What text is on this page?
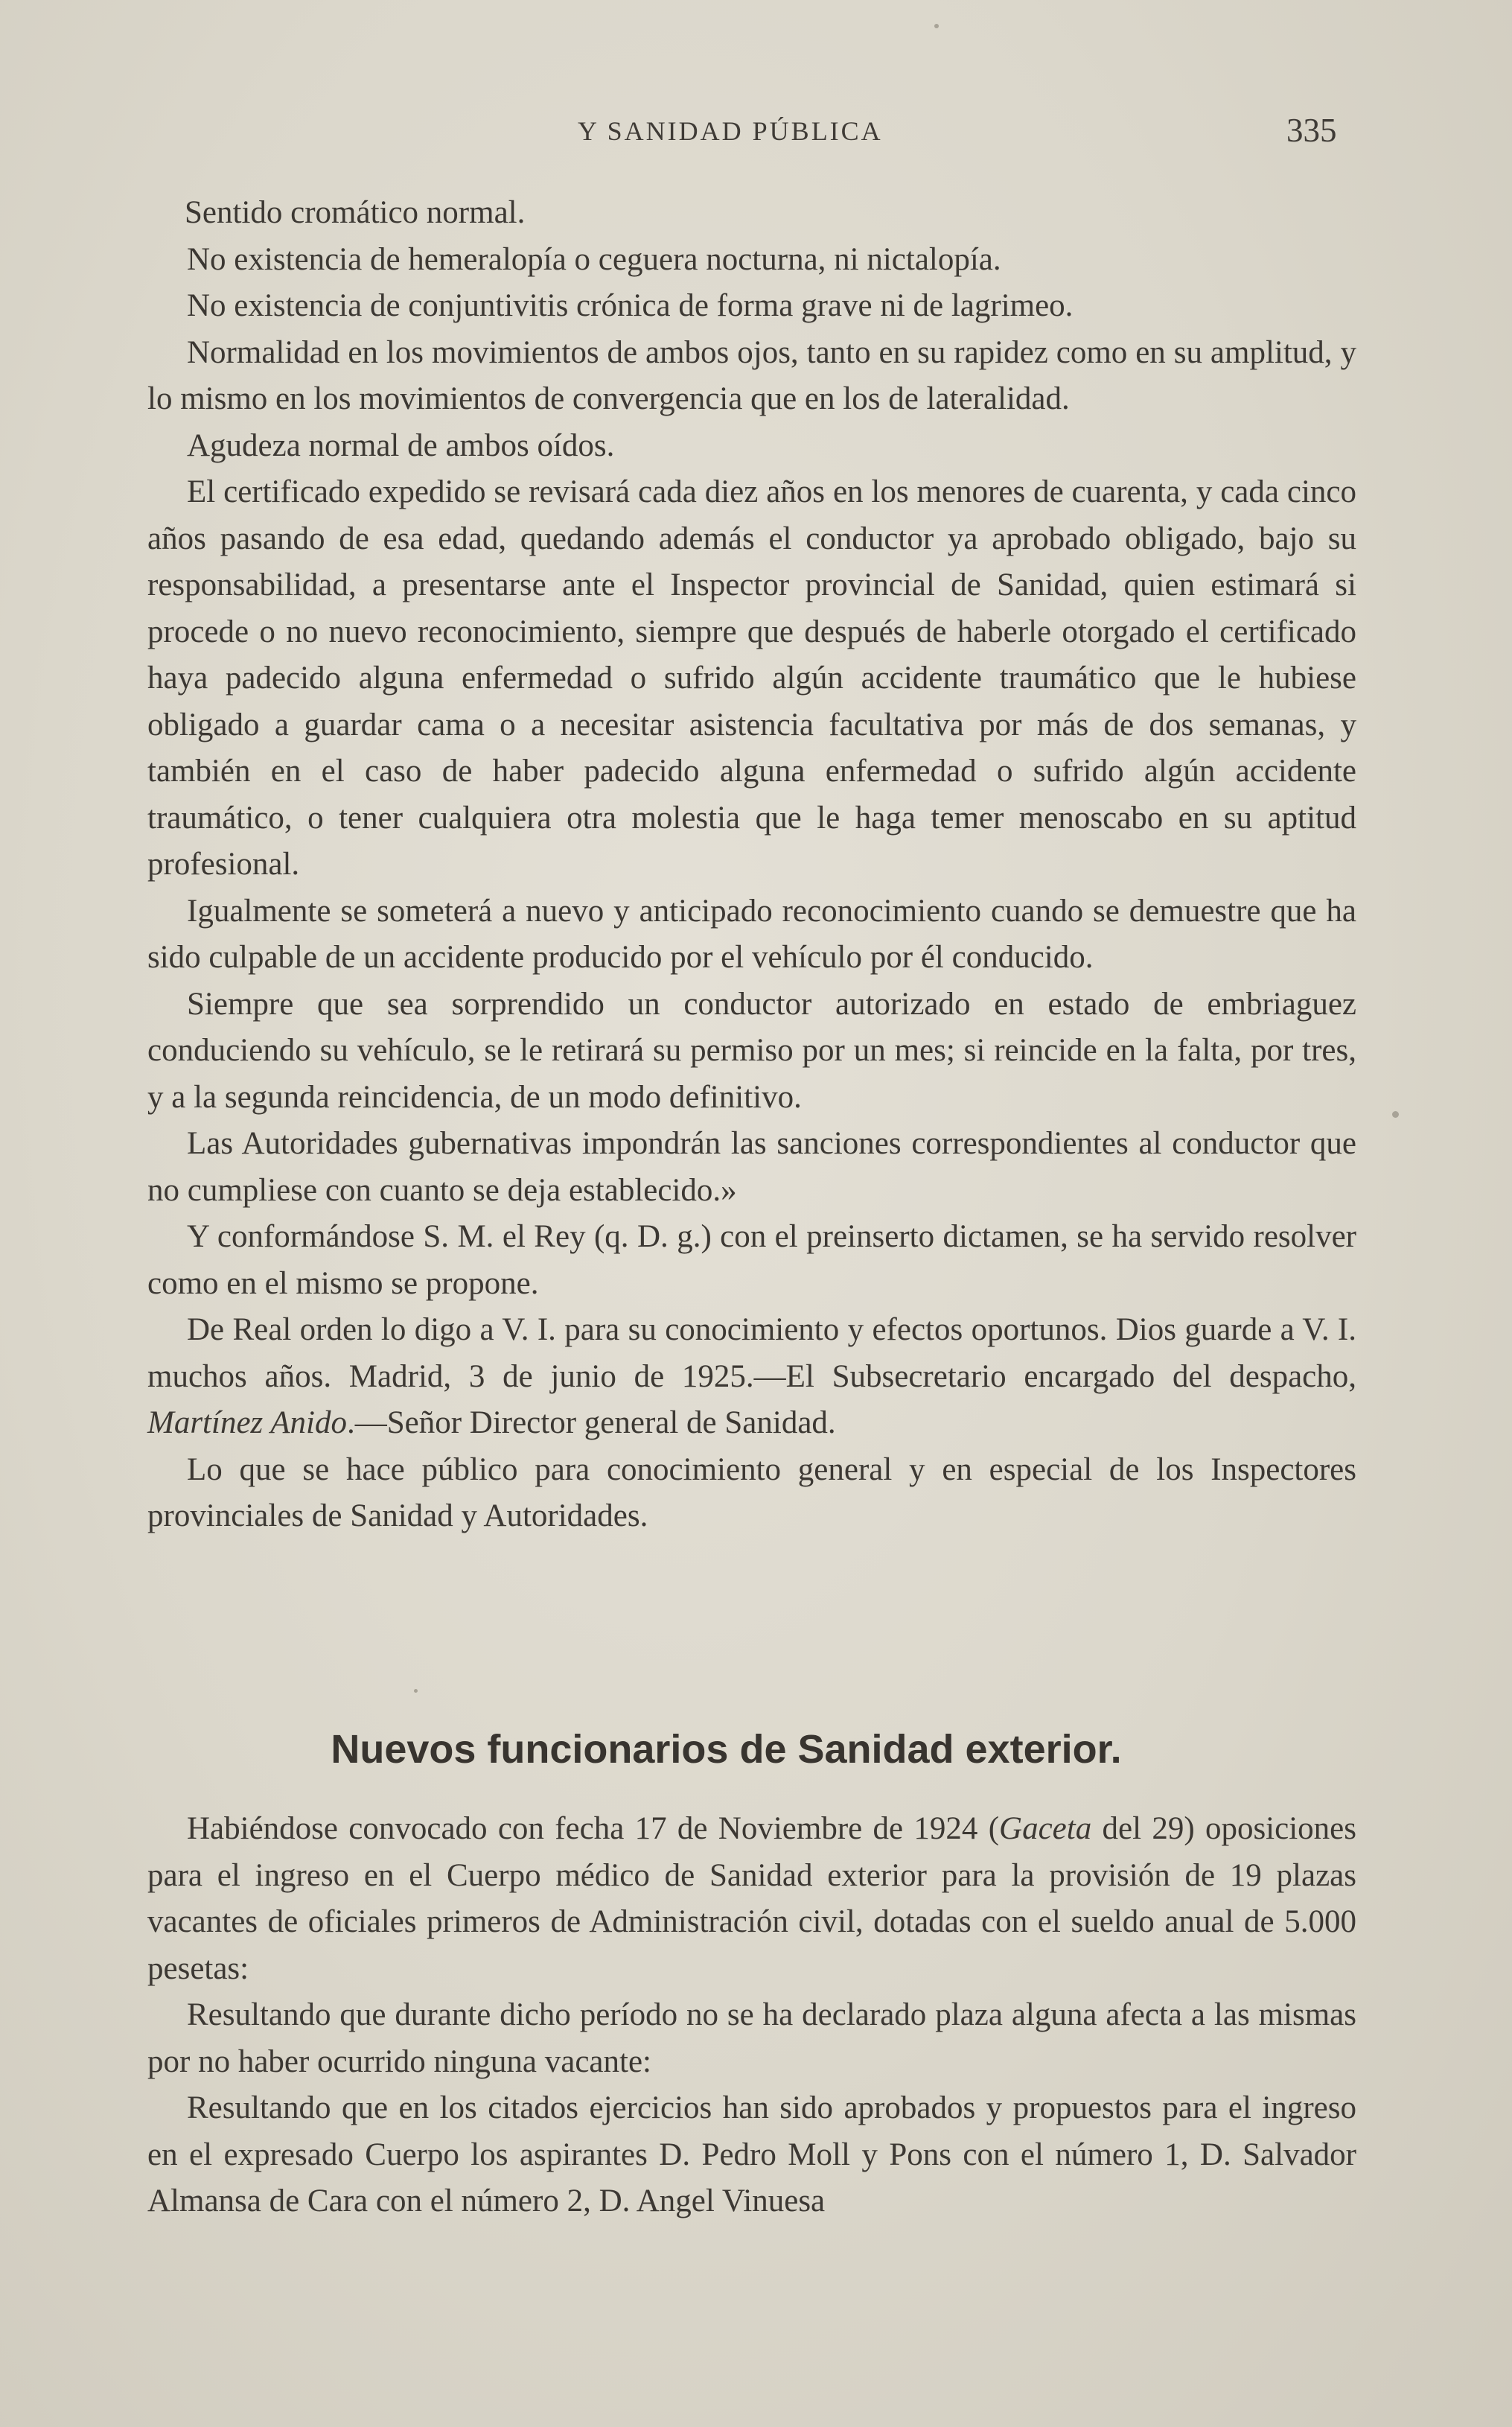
Y SANIDAD PÚBLICA	335

Sentido cromático normal.

No existencia de hemeralopía o ceguera nocturna, ni nictalopía.

No existencia de conjuntivitis crónica de forma grave ni de lagrimeo.

Normalidad en los movimientos de ambos ojos, tanto en su rapidez como en su amplitud, y lo mismo en los movimientos de convergencia que en los de lateralidad.

Agudeza normal de ambos oídos.

El certificado expedido se revisará cada diez años en los menores de cuarenta, y cada cinco años pasando de esa edad, quedando además el conductor ya aprobado obligado, bajo su responsabilidad, a presentarse ante el Inspector provincial de Sanidad, quien estimará si procede o no nuevo reconocimiento, siempre que después de haberle otorgado el certificado haya padecido alguna enfermedad o sufrido algún accidente traumático que le hubiese obligado a guardar cama o a necesitar asistencia facultativa por más de dos semanas, y también en el caso de haber padecido alguna enfermedad o sufrido algún accidente traumático, o tener cualquiera otra molestia que le haga temer menoscabo en su aptitud profesional.

Igualmente se someterá a nuevo y anticipado reconocimiento cuando se demuestre que ha sido culpable de un accidente producido por el vehículo por él conducido.

Siempre que sea sorprendido un conductor autorizado en estado de embriaguez conduciendo su vehículo, se le retirará su permiso por un mes; si reincide en la falta, por tres, y a la segunda reincidencia, de un modo definitivo.

Las Autoridades gubernativas impondrán las sanciones correspondientes al conductor que no cumpliese con cuanto se deja establecido.»

Y conformándose S. M. el Rey (q. D. g.) con el preinserto dictamen, se ha servido resolver como en el mismo se propone.

De Real orden lo digo a V. I. para su conocimiento y efectos oportunos. Dios guarde a V. I. muchos años. Madrid, 3 de junio de 1925.—El Subsecretario encargado del despacho, Martínez Anido.—Señor Director general de Sanidad.

Lo que se hace público para conocimiento general y en especial de los Inspectores provinciales de Sanidad y Autoridades.

Nuevos funcionarios de Sanidad exterior.

Habiéndose convocado con fecha 17 de Noviembre de 1924 (Gaceta del 29) oposiciones para el ingreso en el Cuerpo médico de Sanidad exterior para la provisión de 19 plazas vacantes de oficiales primeros de Administración civil, dotadas con el sueldo anual de 5.000 pesetas:

Resultando que durante dicho período no se ha declarado plaza alguna afecta a las mismas por no haber ocurrido ninguna vacante:

Resultando que en los citados ejercicios han sido aprobados y propuestos para el ingreso en el expresado Cuerpo los aspirantes D. Pedro Moll y Pons con el número 1, D. Salvador Almansa de Cara con el número 2, D. Angel Vinuesa
